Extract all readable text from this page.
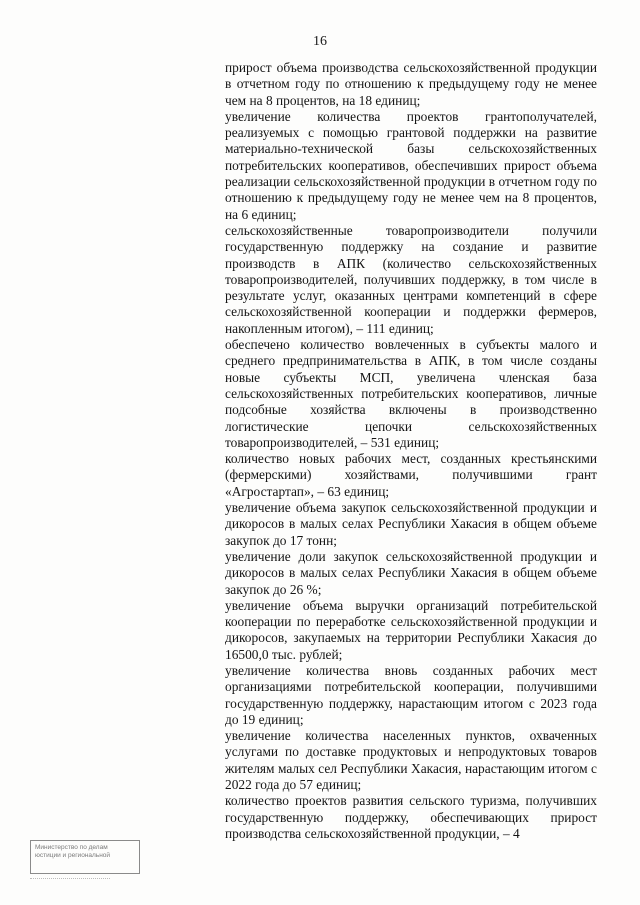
16

прирост объема производства сельскохозяйственной продукции в отчетном году по отношению к предыдущему году не менее чем на 8 процентов, на 18 единиц;

увеличение количества проектов грантополучателей, реализуемых с помощью грантовой поддержки на развитие материально-технической базы сельскохозяйственных потребительских кооперативов, обеспечивших прирост объема реализации сельскохозяйственной продукции в отчетном году по отношению к предыдущему году не менее чем на 8 процентов, на 6 единиц;

сельскохозяйственные товаропроизводители получили государственную поддержку на создание и развитие производств в АПК (количество сельскохозяйственных товаропроизводителей, получивших поддержку, в том числе в результате услуг, оказанных центрами компетенций в сфере сельскохозяйственной кооперации и поддержки фермеров, накопленным итогом), – 111 единиц;

обеспечено количество вовлеченных в субъекты малого и среднего предпринимательства в АПК, в том числе созданы новые субъекты МСП, увеличена членская база сельскохозяйственных потребительских кооперативов, личные подсобные хозяйства включены в производственно логистические цепочки сельскохозяйственных товаропроизводителей, – 531 единиц;

количество новых рабочих мест, созданных крестьянскими (фермерскими) хозяйствами, получившими грант «Агростартап», – 63 единиц;

увеличение объема закупок сельскохозяйственной продукции и дикоросов в малых селах Республики Хакасия в общем объеме закупок до 17 тонн;

увеличение доли закупок сельскохозяйственной продукции и дикоросов в малых селах Республики Хакасия в общем объеме закупок до 26 %;

увеличение объема выручки организаций потребительской кооперации по переработке сельскохозяйственной продукции и дикоросов, закупаемых на территории Республики Хакасия до 16500,0 тыс. рублей;

увеличение количества вновь созданных рабочих мест организациями потребительской кооперации, получившими государственную поддержку, нарастающим итогом с 2023 года до 19 единиц;

увеличение количества населенных пунктов, охваченных услугами по доставке продуктовых и непродуктовых товаров жителям малых сел Республики Хакасия, нарастающим итогом с 2022 года до 57 единиц;

количество проектов развития сельского туризма, получивших государственную поддержку, обеспечивающих прирост производства сельскохозяйственной продукции, – 4

Министерство по делам
юстиции и региональной
